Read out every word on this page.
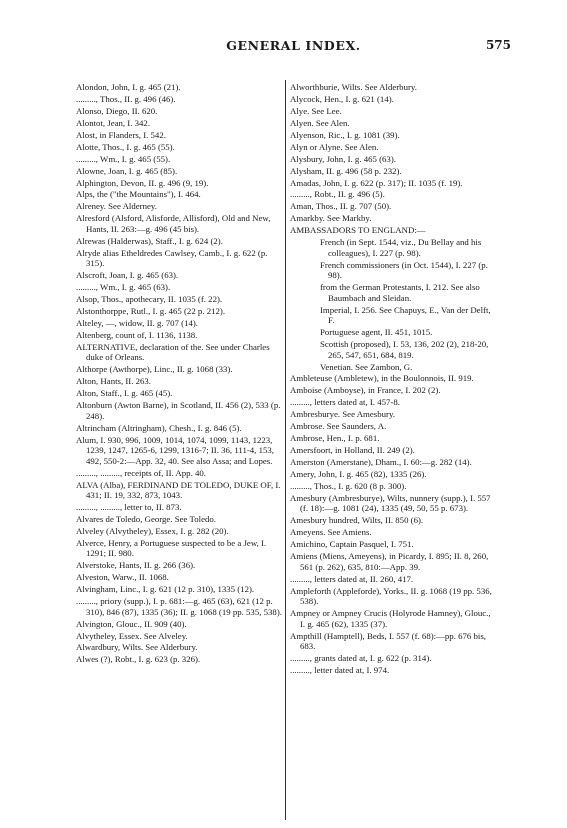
GENERAL INDEX.	575
Alondon, John, I. g. 465 (21).
........., Thos., II. g. 496 (46).
Alonso, Diego, II. 620.
Alontot, Jean, I. 342.
Alost, in Flanders, I. 542.
Alotte, Thos., I. g. 465 (55).
........., Wm., I. g. 465 (55).
Alowne, Joan, I. g. 465 (85).
Alphington, Devon, II. g. 496 (9, 19).
Alps, the ("the Mountains"), I. 464.
Alreney. See Alderney.
Alresford (Alsford, Alisforde, Allisford), Old and New, Hants, II. 263:—g. 496 (45 bis).
Alrewas (Halderwas), Staff., I. g. 624 (2).
Alryde alias Etheldredes Cawlsey, Camb., I. g. 622 (p. 315).
Alscroft, Joan, I. g. 465 (63).
........., Wm., I. g. 465 (63).
Alsop, Thos., apothecary, II. 1035 (f. 22).
Alstonthorppe, Rutl., I. g. 465 (22 p. 212).
Alteley, —, widow, II. g. 707 (14).
Altenberg, count of, I. 1136, 1138.
ALTERNATIVE, declaration of the. See under Charles duke of Orleans.
Althorpe (Awthorpe), Linc., II. g. 1068 (33).
Alton, Hants, II. 263.
Alton, Staff., I. g. 465 (45).
Altonburn (Awton Barne), in Scotland, II. 456 (2), 533 (p. 248).
Altrincham (Altringham), Chesh., I. g. 846 (5).
Alum, I. 930, 996, 1009, 1014, 1074, 1099, 1143, 1223, 1239, 1247, 1265-6, 1299, 1316-7; II. 36, 111-4, 153, 492, 550-2:—App. 32, 40. See also Assa; and Lopes.
........., ........., receipts of, II. App. 40.
ALVA (Alba), FERDINAND DE TOLEDO, DUKE OF, I. 431; II. 19, 332, 873, 1043.
........., ........., letter to, II. 873.
Alvares de Toledo, George. See Toledo.
Alveley (Alvytheley), Essex, I. g. 282 (20).
Alverce, Henry, a Portuguese suspected to be a Jew, I. 1291; II. 980.
Alverstoke, Hants, II. g. 266 (36).
Alveston, Warw., II. 1068.
Alvingham, Linc., I. g. 621 (12 p. 310), 1335 (12).
........., priory (supp.), I. p. 681:—g. 465 (63), 621 (12 p. 310), 846 (87), 1335 (36); II. g. 1068 (19 pp. 535, 538).
Alvington, Glouc., II. 909 (40).
Alvytheley, Essex. See Alveley.
Alwardbury, Wilts. See Alderbury.
Alwes (?), Robt., I. g. 623 (p. 326).
Alworthburie, Wilts. See Alderbury.
Alycock, Hen., I. g. 621 (14).
Alye. See Lee.
Alyen. See Alen.
Alyenson, Ric., I. g. 1081 (39).
Alyn or Alyne. See Alen.
Alysbury, John, I. g. 465 (63).
Alysham, II. g. 496 (58 p. 232).
Amadas, John, I. g. 622 (p. 317); II. 1035 (f. 19).
........., Robt., II. g. 496 (5).
Aman, Thos., II. g. 707 (50).
Amarkby. See Markby.
AMBASSADORS TO ENGLAND:—
French (in Sept. 1544, viz., Du Bellay and his colleagues), I. 227 (p. 98).
French commissioners (in Oct. 1544), I. 227 (p. 98).
from the German Protestants, I. 212. See also Baumbach and Sleidan.
Imperial, I. 256. See Chapuys, E., Van der Delft, F.
Portuguese agent, II. 451, 1015.
Scottish (proposed), I. 53, 136, 202 (2), 218-20, 265, 547, 651, 684, 819.
Venetian. See Zambon, G.
Ambleteuse (Ambletew), in the Boulonnois, II. 919.
Amboise (Amboyse), in France, I. 202 (2).
........., letters dated at, I. 457-8.
Ambresburye. See Amesbury.
Ambrose. See Saunders, A.
Ambrose, Hen., I. p. 681.
Amersfoort, in Holland, II. 249 (2).
Amerston (Amerstane), Dham., I. 60:—g. 282 (14).
Amery, John, I. g. 465 (82), 1335 (26).
........., Thos., I. g. 620 (8 p. 300).
Amesbury (Ambresburye), Wilts, nunnery (supp.), I. 557 (f. 18):—g. 1081 (24), 1335 (49, 50, 55 p. 673).
Amesbury hundred, Wilts, II. 850 (6).
Ameyens. See Amiens.
Amichino, Captain Pasquel, I. 751.
Amiens (Miens, Ameyens), in Picardy, I. 895; II. 8, 260, 561 (p. 262), 635, 810:—App. 39.
........., letters dated at, II. 260, 417.
Ampleforth (Appleforde), Yorks., II. g. 1068 (19 pp. 536, 538).
Ampney or Ampney Crucis (Holyrode Hamney), Glouc., I. g. 465 (62), 1335 (37).
Ampthill (Hamptell), Beds, I. 557 (f. 68):—pp. 676 bis, 683.
........., grants dated at, I. g. 622 (p. 314).
........., letter dated at, I. 974.
